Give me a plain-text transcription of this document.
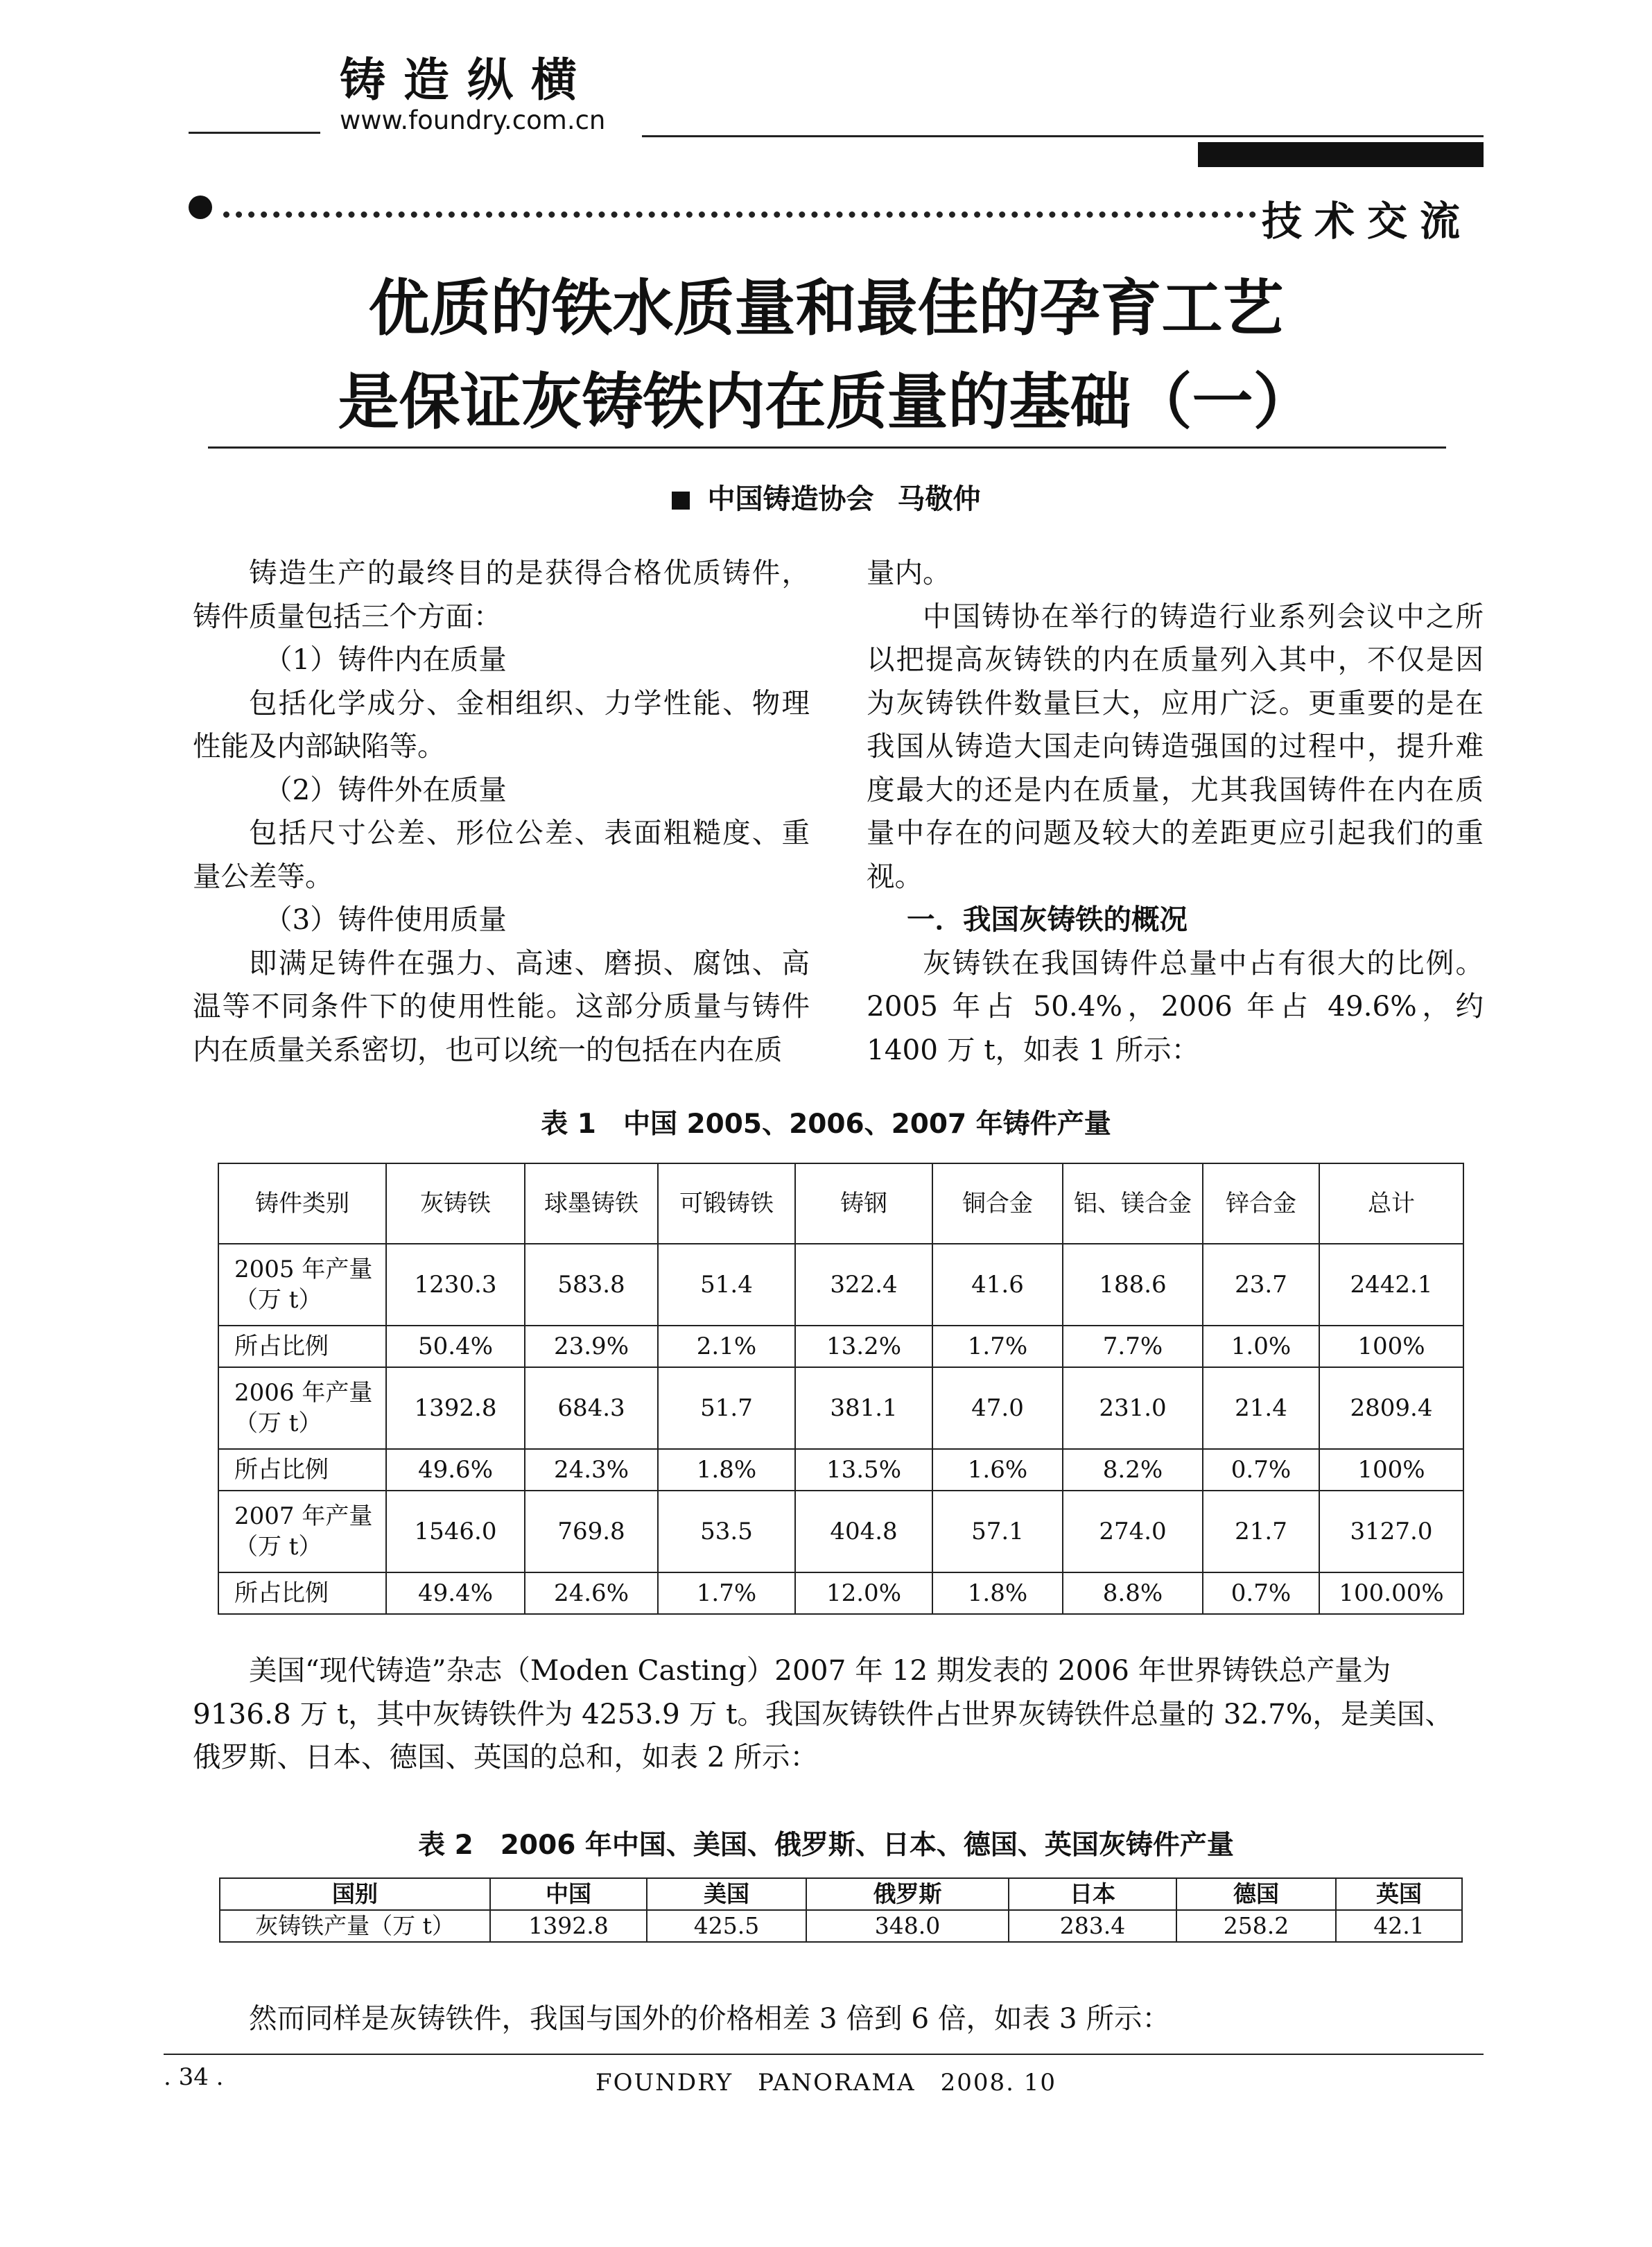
铸造纵横
www.foundry.com.cn
技术交流
优质的铁水质量和最佳的孕育工艺
是保证灰铸铁内在质量的基础（一）
中国铸造协会 马敬仲

铸造生产的最终目的是获得合格优质铸件，铸件质量包括三个方面：

（1）铸件内在质量

包括化学成分、金相组织、力学性能、物理性能及内部缺陷等。

（2）铸件外在质量

包括尺寸公差、形位公差、表面粗糙度、重量公差等。

（3）铸件使用质量

即满足铸件在强力、高速、磨损、腐蚀、高温等不同条件下的使用性能。这部分质量与铸件内在质量关系密切，也可以统一的包括在内在质

量内。

中国铸协在举行的铸造行业系列会议中之所以把提高灰铸铁的内在质量列入其中，不仅是因为灰铸铁件数量巨大，应用广泛。更重要的是在我国从铸造大国走向铸造强国的过程中，提升难度最大的还是内在质量，尤其我国铸件在内在质量中存在的问题及较大的差距更应引起我们的重视。

一．我国灰铸铁的概况

灰铸铁在我国铸件总量中占有很大的比例。2005 年占 50.4%，2006 年占 49.6%，约 1400 万 t，如表 1 所示：

表 1　中国 2005、2006、2007 年铸件产量
铸件类别	灰铸铁	球墨铸铁	可锻铸铁	铸钢	铜合金	铝、镁合金	锌合金	总计
2005 年产量（万 t）	1230.3	583.8	51.4	322.4	41.6	188.6	23.7	2442.1
所占比例	50.4%	23.9%	2.1%	13.2%	1.7%	7.7%	1.0%	100%
2006 年产量（万 t）	1392.8	684.3	51.7	381.1	47.0	231.0	21.4	2809.4
所占比例	49.6%	24.3%	1.8%	13.5%	1.6%	8.2%	0.7%	100%
2007 年产量（万 t）	1546.0	769.8	53.5	404.8	57.1	274.0	21.7	3127.0
所占比例	49.4%	24.6%	1.7%	12.0%	1.8%	8.8%	0.7%	100.00%

美国“现代铸造”杂志（Moden Casting）2007 年 12 期发表的 2006 年世界铸铁总产量为 9136.8 万 t，其中灰铸铁件为 4253.9 万 t。我国灰铸铁件占世界灰铸铁件总量的 32.7%，是美国、俄罗斯、日本、德国、英国的总和，如表 2 所示：

表 2　2006 年中国、美国、俄罗斯、日本、德国、英国灰铸件产量
国别	中国	美国	俄罗斯	日本	德国	英国
灰铸铁产量（万 t）	1392.8	425.5	348.0	283.4	258.2	42.1

然而同样是灰铸铁件，我国与国外的价格相差 3 倍到 6 倍，如表 3 所示：

. 34 .	FOUNDRY　PANORAMA　2008. 10
